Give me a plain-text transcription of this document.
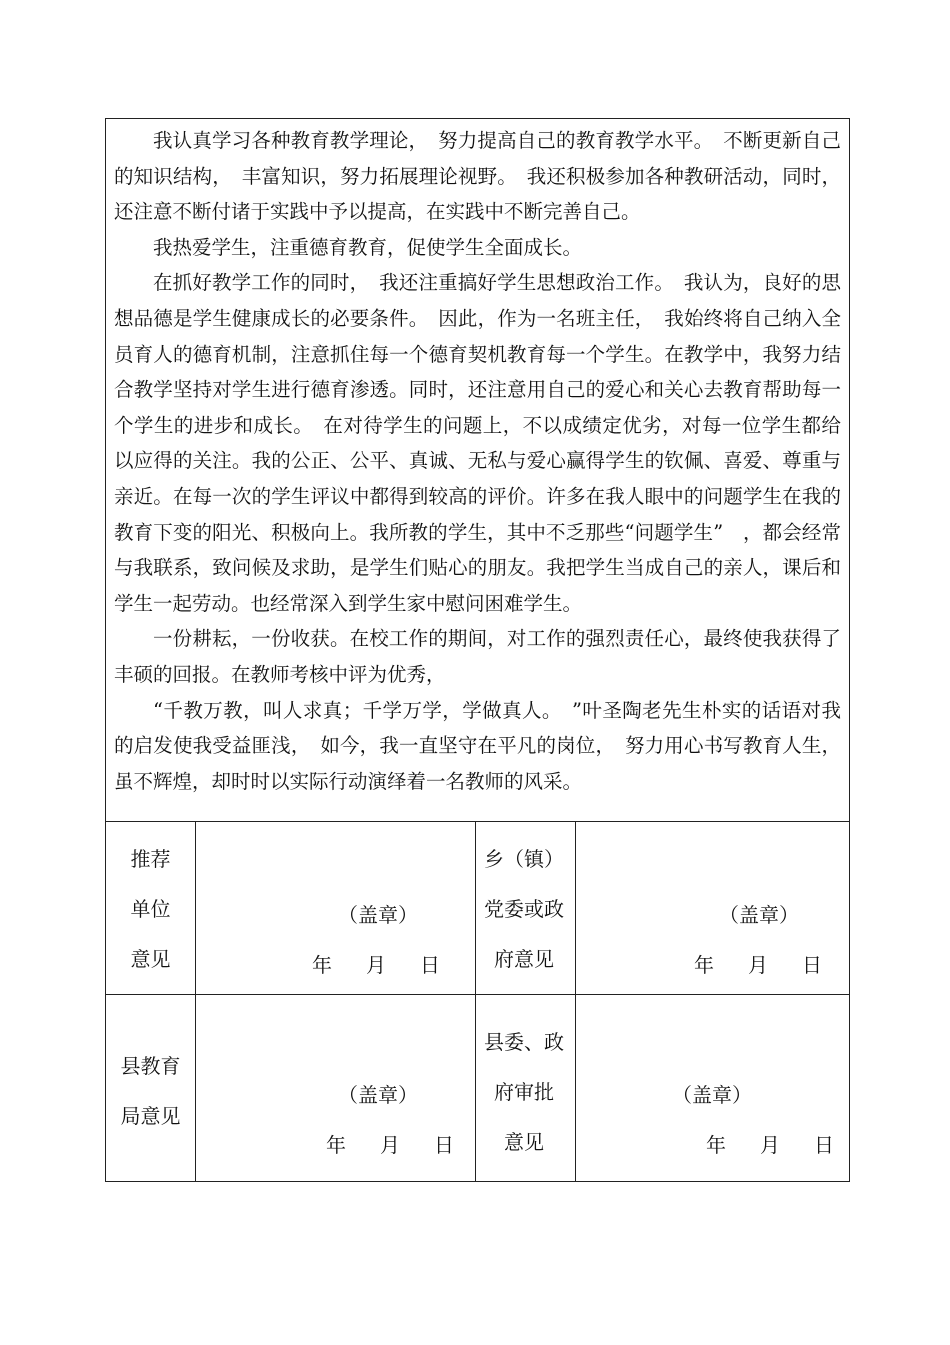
我认真学习各种教育教学理论，　努力提高自己的教育教学水平。　不断更新自己的知识结构，　丰富知识，努力拓展理论视野。　我还积极参加各种教研活动，同时，还注意不断付诸于实践中予以提高，在实践中不断完善自己。

我热爱学生，注重德育教育，促使学生全面成长。

在抓好教学工作的同时，　我还注重搞好学生思想政治工作。　我认为，良好的思想品德是学生健康成长的必要条件。　因此，作为一名班主任，　我始终将自己纳入全员育人的德育机制，注意抓住每一个德育契机教育每一个学生。在教学中，我努力结合教学坚持对学生进行德育渗透。同时，还注意用自己的爱心和关心去教育帮助每一个学生的进步和成长。　在对待学生的问题上，不以成绩定优劣，对每一位学生都给以应得的关注。我的公正、公平、真诚、无私与爱心赢得学生的钦佩、喜爱、尊重与亲近。在每一次的学生评议中都得到较高的评价。许多在我人眼中的问题学生在我的教育下变的阳光、积极向上。我所教的学生，其中不乏那些“问题学生”　，都会经常与我联系，致问候及求助，是学生们贴心的朋友。我把学生当成自己的亲人，课后和学生一起劳动。也经常深入到学生家中慰问困难学生。

一份耕耘，一份收获。在校工作的期间，对工作的强烈责任心，最终使我获得了丰硕的回报。在教师考核中评为优秀，

“千教万教，叫人求真；千学万学，学做真人。　”叶圣陶老先生朴实的话语对我的启发使我受益匪浅，　如今，我一直坚守在平凡的岗位，　努力用心书写教育人生，虽不辉煌，却时时以实际行动演绎着一名教师的风采。

推荐
单位
意见
（盖章）
年 月 日
乡（镇）
党委或政
府意见
（盖章）
年 月 日
县教育
局意见
（盖章）
年 月 日
县委、政
府审批
意见
（盖章）
年 月 日
